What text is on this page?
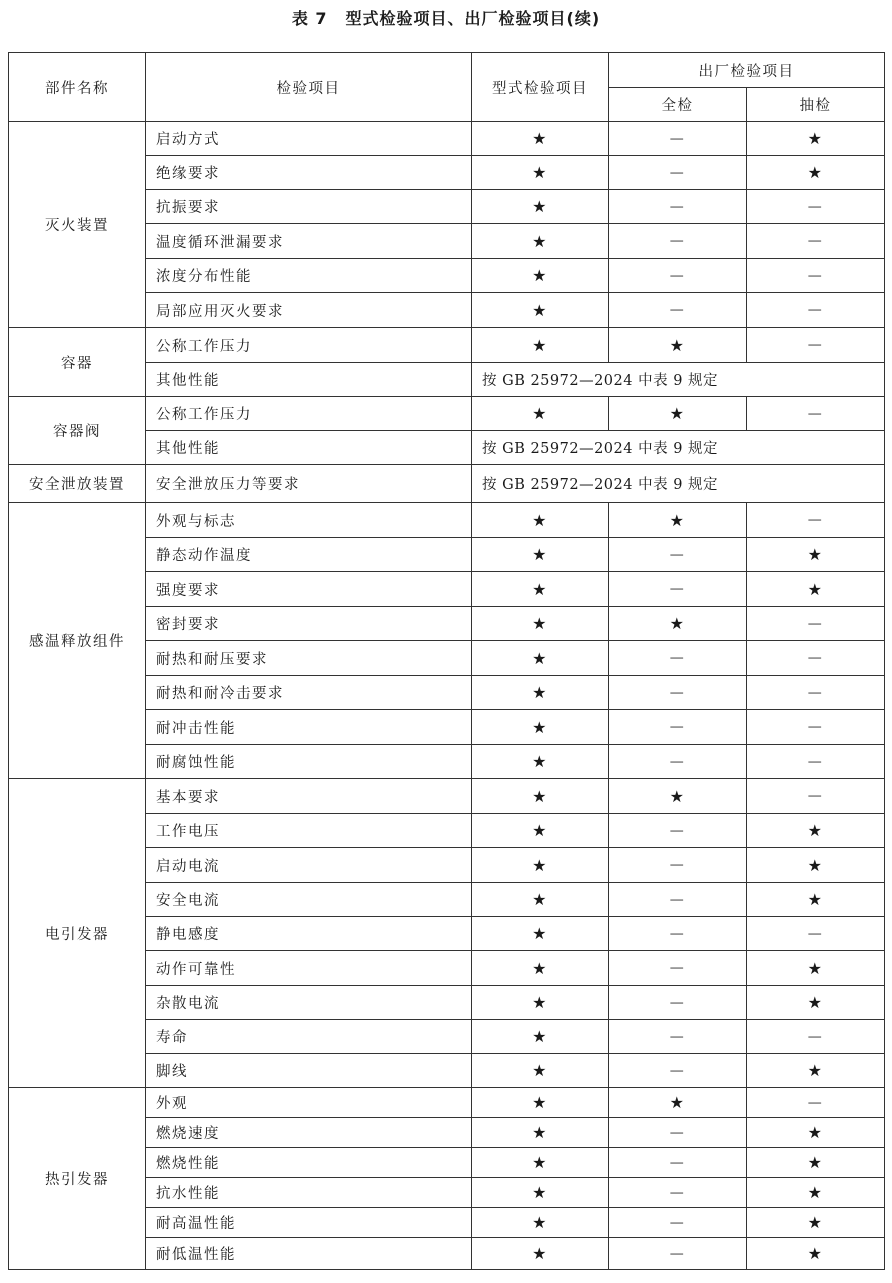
表 7 型式检验项目、出厂检验项目(续)
部件名称	检验项目	型式检验项目	出厂检验项目	
			全检	抽检
灭火装置	启动方式	★	—	★
	绝缘要求	★	—	★
	抗振要求	★	—	—
	温度循环泄漏要求	★	—	—
	浓度分布性能	★	—	—
	局部应用灭火要求	★	—	—
容器	公称工作压力	★	★	—
	其他性能	按 GB 25972—2024 中表 9 规定		
容器阀	公称工作压力	★	★	—
	其他性能	按 GB 25972—2024 中表 9 规定		
安全泄放装置	安全泄放压力等要求	按 GB 25972—2024 中表 9 规定		
感温释放组件	外观与标志	★	★	—
	静态动作温度	★	—	★
	强度要求	★	—	★
	密封要求	★	★	—
	耐热和耐压要求	★	—	—
	耐热和耐冷击要求	★	—	—
	耐冲击性能	★	—	—
	耐腐蚀性能	★	—	—
电引发器	基本要求	★	★	—
	工作电压	★	—	★
	启动电流	★	—	★
	安全电流	★	—	★
	静电感度	★	—	—
	动作可靠性	★	—	★
	杂散电流	★	—	★
	寿命	★	—	—
	脚线	★	—	★
热引发器	外观	★	★	—
	燃烧速度	★	—	★
	燃烧性能	★	—	★
	抗水性能	★	—	★
	耐高温性能	★	—	★
	耐低温性能	★	—	★
